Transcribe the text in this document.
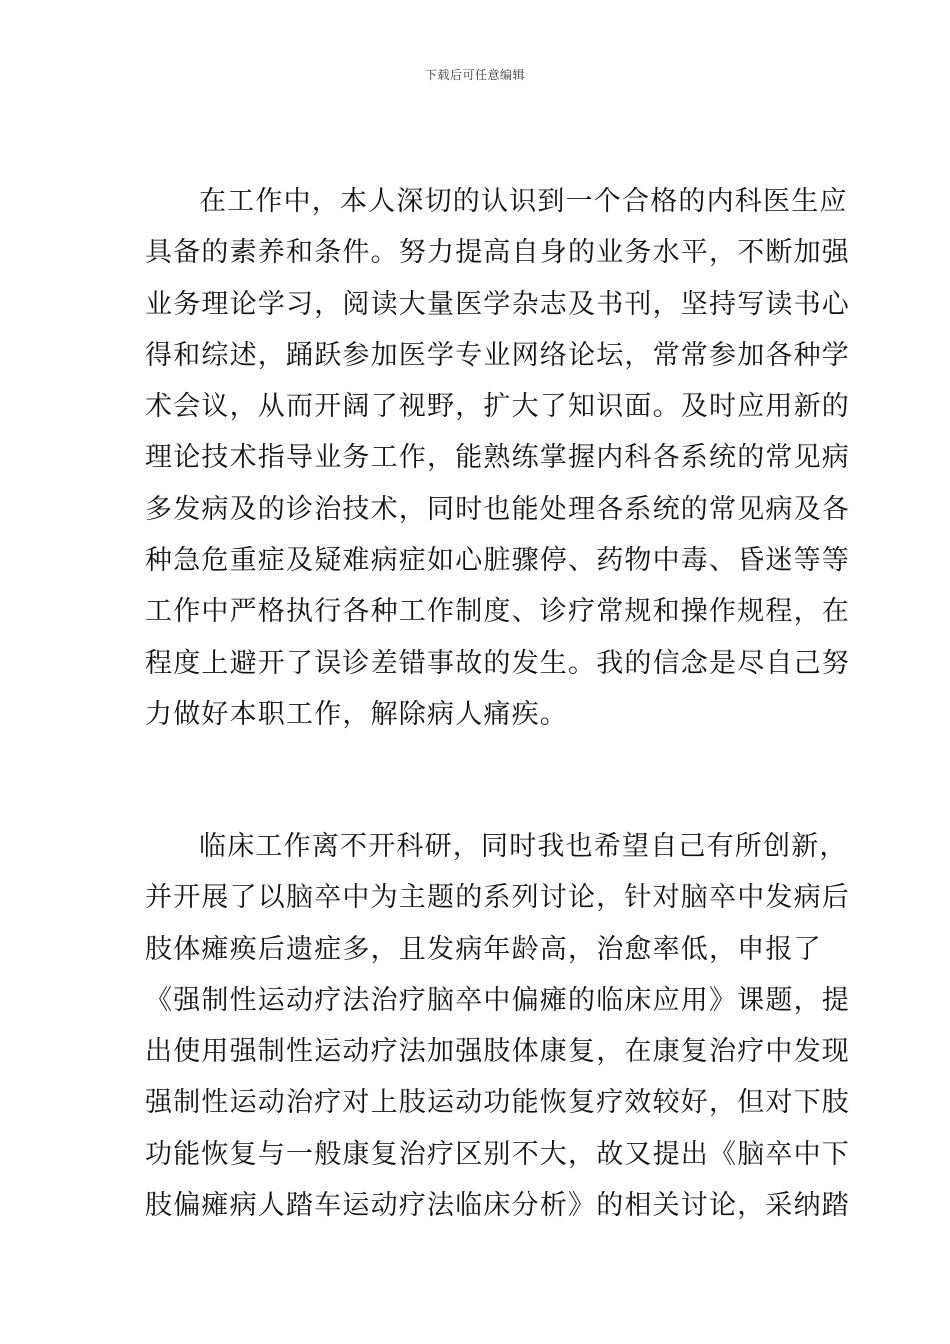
下载后可任意编辑
在工作中，本人深切的认识到一个合格的内科医生应
具备的素养和条件。努力提高自身的业务水平，不断加强
业务理论学习，阅读大量医学杂志及书刊，坚持写读书心
得和综述，踊跃参加医学专业网络论坛，常常参加各种学
术会议，从而开阔了视野，扩大了知识面。及时应用新的
理论技术指导业务工作，能熟练掌握内科各系统的常见病
多发病及的诊治技术，同时也能处理各系统的常见病及各
种急危重症及疑难病症如心脏骤停、药物中毒、昏迷等等
工作中严格执行各种工作制度、诊疗常规和操作规程，在
程度上避开了误诊差错事故的发生。我的信念是尽自己努
力做好本职工作，解除病人痛疾。
临床工作离不开科研，同时我也希望自己有所创新，
并开展了以脑卒中为主题的系列讨论，针对脑卒中发病后
肢体瘫痪后遗症多，且发病年龄高，治愈率低，申报了
《强制性运动疗法治疗脑卒中偏瘫的临床应用》课题，提
出使用强制性运动疗法加强肢体康复，在康复治疗中发现
强制性运动治疗对上肢运动功能恢复疗效较好，但对下肢
功能恢复与一般康复治疗区别不大，故又提出《脑卒中下
肢偏瘫病人踏车运动疗法临床分析》的相关讨论，采纳踏
